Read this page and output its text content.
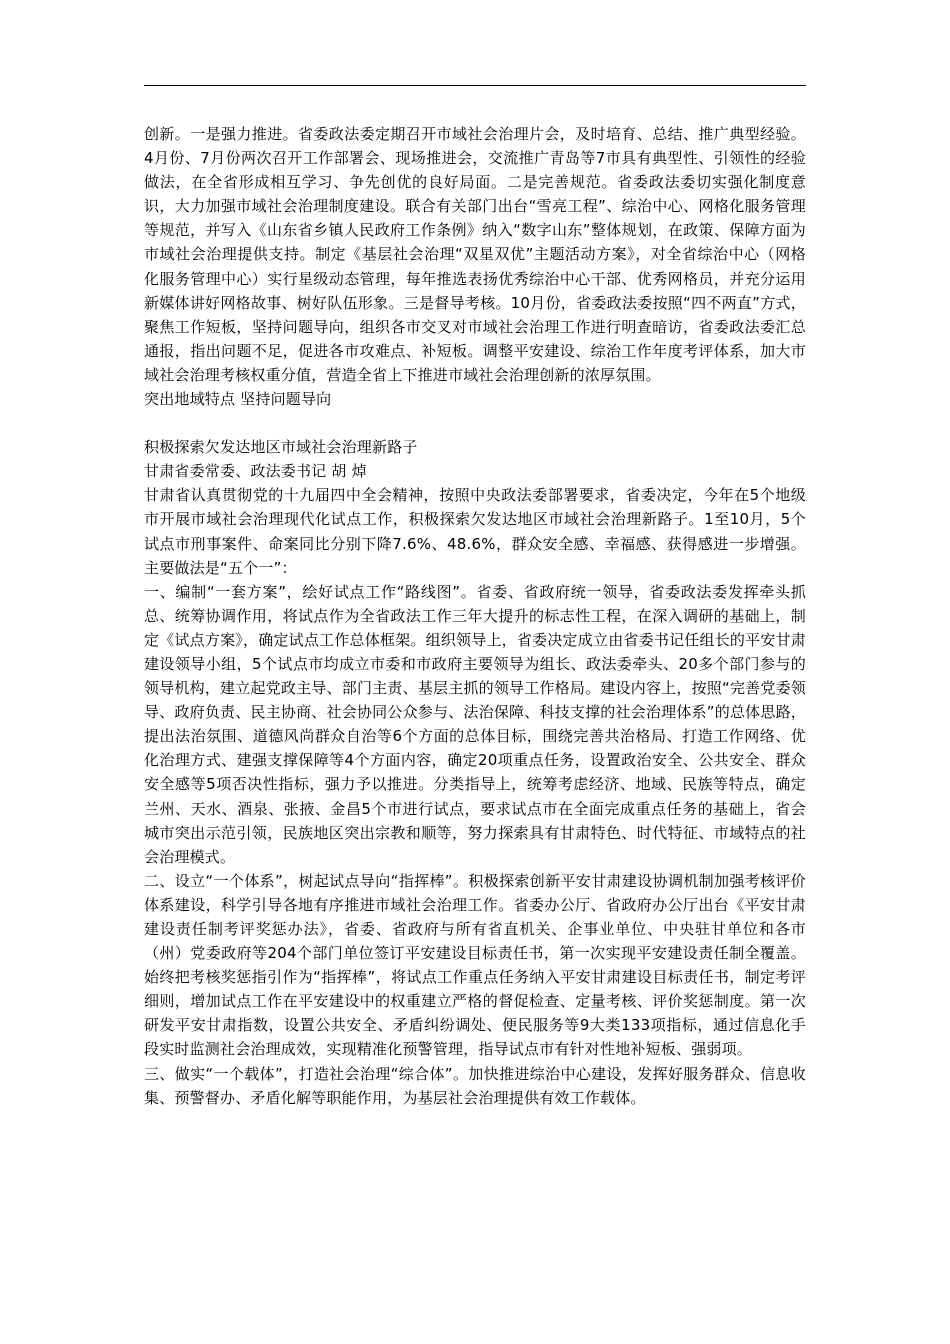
创新。一是强力推进。省委政法委定期召开市域社会治理片会，及时培育、总结、推广典型经验。4月份、7月份两次召开工作部署会、现场推进会，交流推广青岛等7市具有典型性、引领性的经验做法，在全省形成相互学习、争先创优的良好局面。二是完善规范。省委政法委切实强化制度意识，大力加强市域社会治理制度建设。联合有关部门出台“雪亮工程”、综治中心、网格化服务管理等规范，并写入《山东省乡镇人民政府工作条例》纳入“数字山东”整体规划，在政策、保障方面为市域社会治理提供支持。制定《基层社会治理“双星双优”主题活动方案》，对全省综治中心（网格化服务管理中心）实行星级动态管理，每年推选表扬优秀综治中心干部、优秀网格员，并充分运用新媒体讲好网格故事、树好队伍形象。三是督导考核。10月份，省委政法委按照“四不两直”方式，聚焦工作短板，坚持问题导向，组织各市交叉对市域社会治理工作进行明查暗访，省委政法委汇总通报，指出问题不足，促进各市攻难点、补短板。调整平安建设、综治工作年度考评体系，加大市域社会治理考核权重分值，营造全省上下推进市域社会治理创新的浓厚氛围。

突出地域特点 坚持问题导向

积极探索欠发达地区市域社会治理新路子

甘肃省委常委、政法委书记 胡 焯

甘肃省认真贯彻党的十九届四中全会精神，按照中央政法委部署要求，省委决定，今年在5个地级市开展市域社会治理现代化试点工作，积极探索欠发达地区市域社会治理新路子。1至10月，5个试点市刑事案件、命案同比分别下降7.6%、48.6%，群众安全感、幸福感、获得感进一步增强。主要做法是“五个一”：

一、编制“一套方案”，绘好试点工作“路线图”。省委、省政府统一领导，省委政法委发挥牵头抓总、统筹协调作用，将试点作为全省政法工作三年大提升的标志性工程，在深入调研的基础上，制定《试点方案》，确定试点工作总体框架。组织领导上，省委决定成立由省委书记任组长的平安甘肃建设领导小组，5个试点市均成立市委和市政府主要领导为组长、政法委牵头、20多个部门参与的领导机构，建立起党政主导、部门主责、基层主抓的领导工作格局。建设内容上，按照“完善党委领导、政府负责、民主协商、社会协同公众参与、法治保障、科技支撑的社会治理体系”的总体思路，提出法治氛围、道德风尚群众自治等6个方面的总体目标，围绕完善共治格局、打造工作网络、优化治理方式、建强支撑保障等4个方面内容，确定20项重点任务，设置政治安全、公共安全、群众安全感等5项否决性指标，强力予以推进。分类指导上，统筹考虑经济、地域、民族等特点，确定兰州、天水、酒泉、张掖、金昌5个市进行试点，要求试点市在全面完成重点任务的基础上，省会城市突出示范引领，民族地区突出宗教和顺等，努力探索具有甘肃特色、时代特征、市域特点的社会治理模式。

二、设立“一个体系”，树起试点导向“指挥棒”。积极探索创新平安甘肃建设协调机制加强考核评价体系建设，科学引导各地有序推进市域社会治理工作。省委办公厅、省政府办公厅出台《平安甘肃建设责任制考评奖惩办法》，省委、省政府与所有省直机关、企事业单位、中央驻甘单位和各市（州）党委政府等204个部门单位签订平安建设目标责任书，第一次实现平安建设责任制全覆盖。始终把考核奖惩指引作为“指挥棒”，将试点工作重点任务纳入平安甘肃建设目标责任书，制定考评细则，增加试点工作在平安建设中的权重建立严格的督促检查、定量考核、评价奖惩制度。第一次研发平安甘肃指数，设置公共安全、矛盾纠纷调处、便民服务等9大类133项指标，通过信息化手段实时监测社会治理成效，实现精准化预警管理，指导试点市有针对性地补短板、强弱项。

三、做实“一个载体”，打造社会治理“综合体”。加快推进综治中心建设，发挥好服务群众、信息收集、预警督办、矛盾化解等职能作用，为基层社会治理提供有效工作载体。
